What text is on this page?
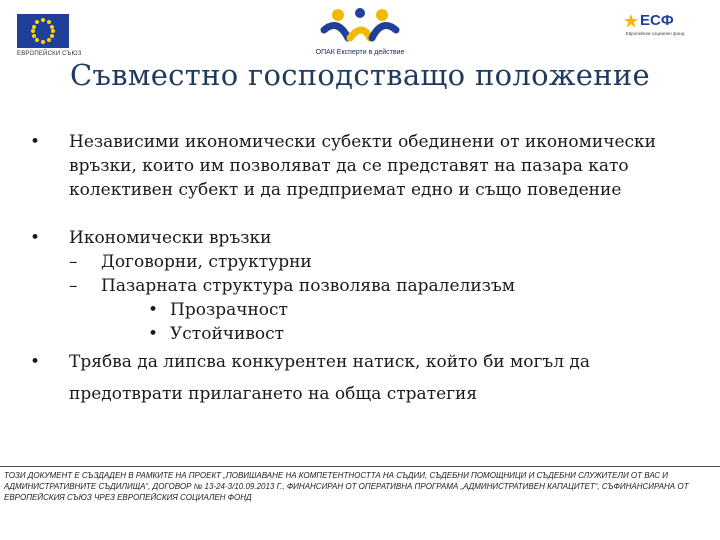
ЕВРОПЕЙСКИ СЪЮЗ	ОПАК Експерти в действие
ЕСФ
Европейски социален фонд
Съвместно господстващо положение
•	Независими икономически субекти обединени от икономически връзки, които им позволяват да се представят на пазара като колективен субект и да предприемат едно и също поведение
•	Икономически връзки
–	Договорни, структурни
–	Пазарната структура позволява паралелизъм
• Прозрачност
• Устойчивост
•	Трябва да липсва конкурентен натиск, който би могъл да предотврати прилагането на обща стратегия
ТОЗИ ДОКУМЕНТ Е СЪЗДАДЕН В РАМКИТЕ НА ПРОЕКТ „ПОВИШАВАНЕ НА КОМПЕТЕНТНОСТТА НА СЪДИИ, СЪДЕБНИ ПОМОЩНИЦИ И СЪДЕБНИ СЛУЖИТЕЛИ ОТ ВАС И АДМИНИСТРАТИВНИТЕ СЪДИЛИЩА“, ДОГОВОР № 13-24-3/10.09.2013 Г., ФИНАНСИРАН ОТ ОПЕРАТИВНА ПРОГРАМА „АДМИНИСТРАТИВЕН КАПАЦИТЕТ“, СЪФИНАНСИРАНА ОТ ЕВРОПЕЙСКИЯ СЪЮЗ ЧРЕЗ ЕВРОПЕЙСКИЯ СОЦИАЛЕН ФОНД
